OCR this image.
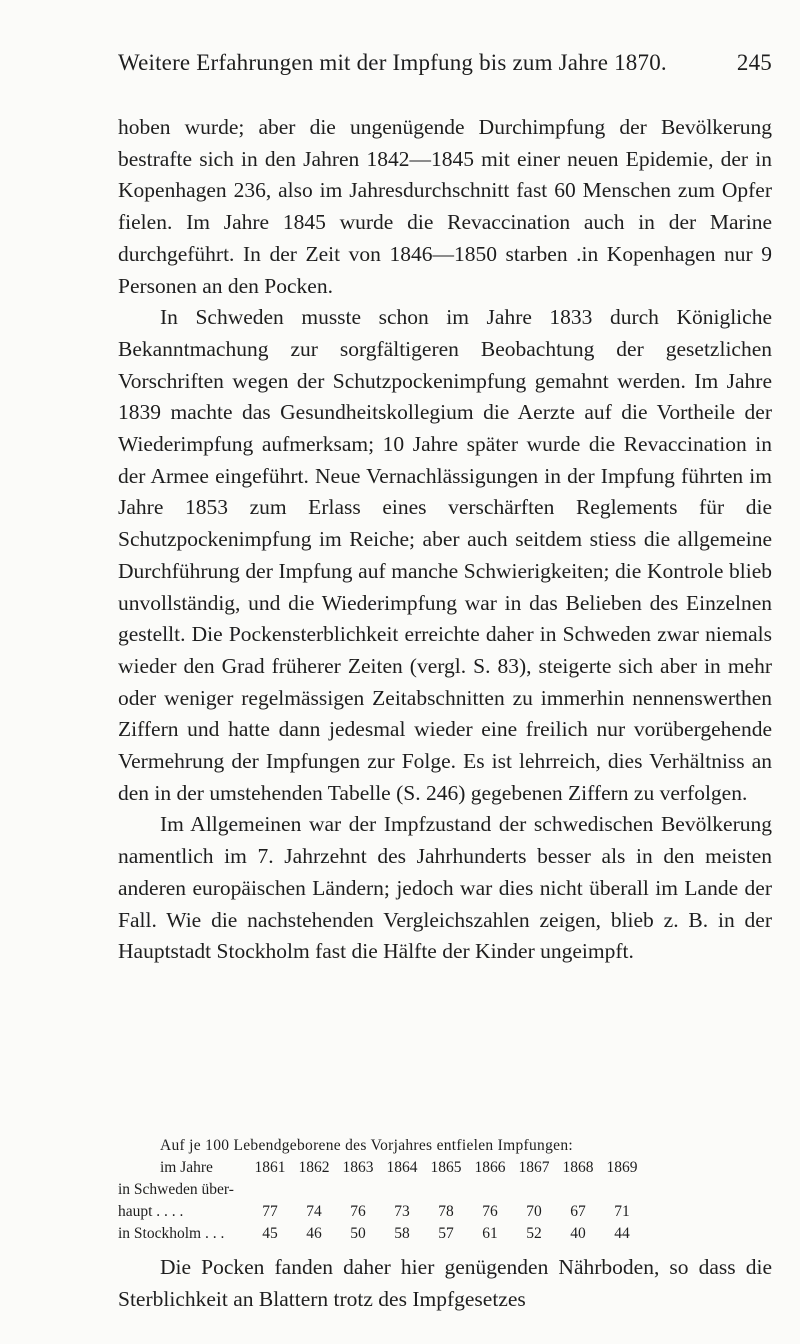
Weitere Erfahrungen mit der Impfung bis zum Jahre 1870.	245

hoben wurde; aber die ungenügende Durchimpfung der Bevölkerung bestrafte sich in den Jahren 1842—1845 mit einer neuen Epidemie, der in Kopenhagen 236, also im Jahresdurchschnitt fast 60 Menschen zum Opfer fielen. Im Jahre 1845 wurde die Revaccination auch in der Marine durchgeführt. In der Zeit von 1846—1850 starben .in Kopenhagen nur 9 Personen an den Pocken.

In Schweden musste schon im Jahre 1833 durch Königliche Bekanntmachung zur sorgfältigeren Beobachtung der gesetzlichen Vorschriften wegen der Schutzpockenimpfung gemahnt werden. Im Jahre 1839 machte das Gesundheitskollegium die Aerzte auf die Vortheile der Wiederimpfung aufmerksam; 10 Jahre später wurde die Revaccination in der Armee eingeführt. Neue Vernachlässigungen in der Impfung führten im Jahre 1853 zum Erlass eines verschärften Reglements für die Schutzpockenimpfung im Reiche; aber auch seitdem stiess die allgemeine Durchführung der Impfung auf manche Schwierigkeiten; die Kontrole blieb unvollständig, und die Wiederimpfung war in das Belieben des Einzelnen gestellt. Die Pockensterblichkeit erreichte daher in Schweden zwar niemals wieder den Grad früherer Zeiten (vergl. S. 83), steigerte sich aber in mehr oder weniger regelmässigen Zeitabschnitten zu immerhin nennenswerthen Ziffern und hatte dann jedesmal wieder eine freilich nur vorübergehende Vermehrung der Impfungen zur Folge. Es ist lehrreich, dies Verhältniss an den in der umstehenden Tabelle (S. 246) gegebenen Ziffern zu verfolgen.

Im Allgemeinen war der Impfzustand der schwedischen Bevölkerung namentlich im 7. Jahrzehnt des Jahrhunderts besser als in den meisten anderen europäischen Ländern; jedoch war dies nicht überall im Lande der Fall. Wie die nachstehenden Vergleichszahlen zeigen, blieb z. B. in der Hauptstadt Stockholm fast die Hälfte der Kinder ungeimpft.

Auf je 100 Lebendgeborene des Vorjahres entfielen Impfungen:
im Jahre	1861 1862 1863 1864 1865 1866 1867 1868 1869
in Schweden über-
haupt . . . .	77	74	76	73	78	76	70	67	71
in Stockholm . . .	45	46	50	58	57	61	52	40	44

Die Pocken fanden daher hier genügenden Nährboden, so dass die Sterblichkeit an Blattern trotz des Impfgesetzes
